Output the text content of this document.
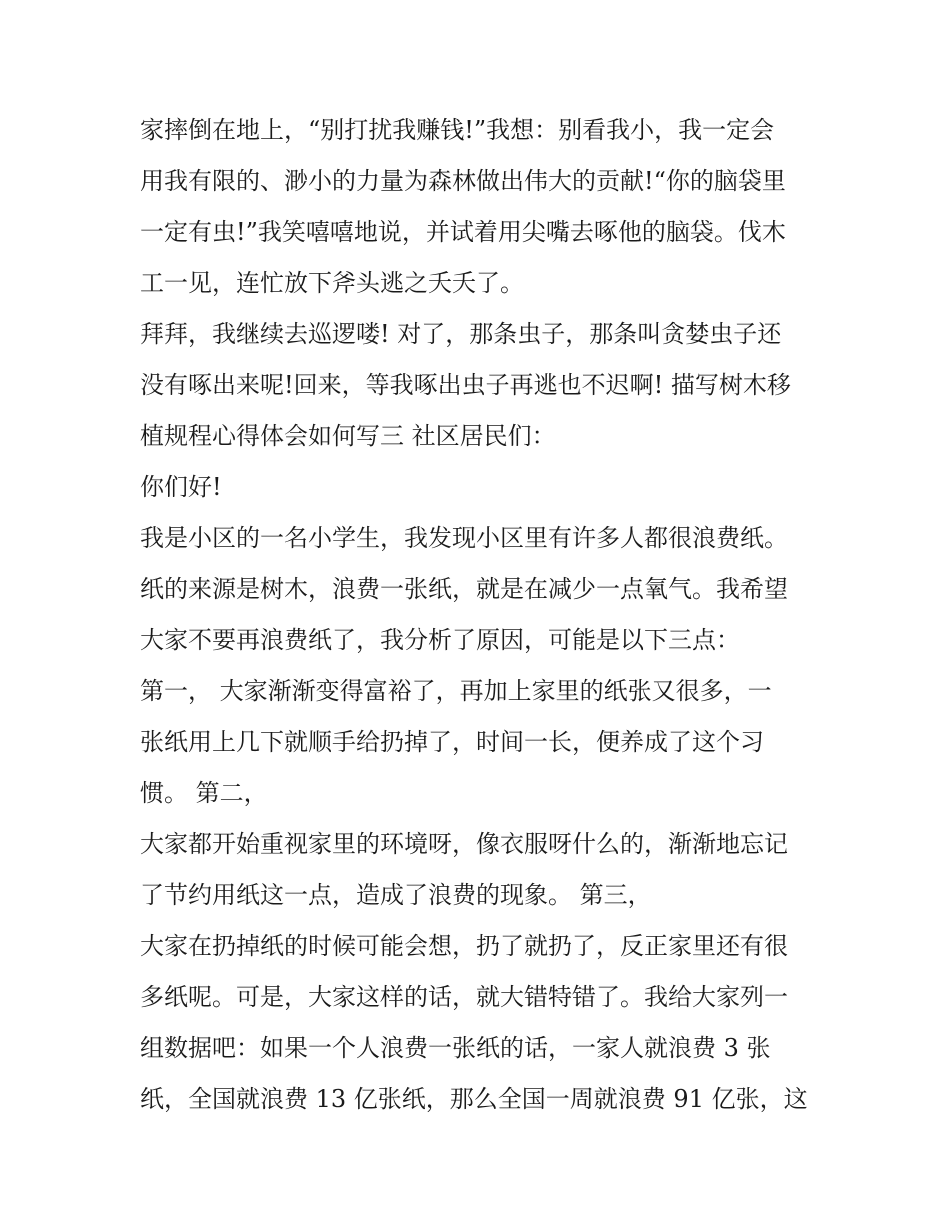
家摔倒在地上，“别打扰我赚钱!”我想：别看我小，我一定会
用我有限的、渺小的力量为森林做出伟大的贡献!“你的脑袋里
一定有虫!”我笑嘻嘻地说，并试着用尖嘴去啄他的脑袋。伐木
工一见，连忙放下斧头逃之夭夭了。
拜拜，我继续去巡逻喽! 对了，那条虫子，那条叫贪婪虫子还
没有啄出来呢!回来，等我啄出虫子再逃也不迟啊! 描写树木移
植规程心得体会如何写三 社区居民们：
你们好!
我是小区的一名小学生，我发现小区里有许多人都很浪费纸。
纸的来源是树木，浪费一张纸，就是在减少一点氧气。我希望
大家不要再浪费纸了，我分析了原因，可能是以下三点：
第一， 大家渐渐变得富裕了，再加上家里的纸张又很多，一
张纸用上几下就顺手给扔掉了，时间一长，便养成了这个习
惯。 第二，
大家都开始重视家里的环境呀，像衣服呀什么的，渐渐地忘记
了节约用纸这一点，造成了浪费的现象。 第三，
大家在扔掉纸的时候可能会想，扔了就扔了，反正家里还有很
多纸呢。可是，大家这样的话，就大错特错了。我给大家列一
组数据吧：如果一个人浪费一张纸的话，一家人就浪费 3 张
纸，全国就浪费 13 亿张纸，那么全国一周就浪费 91 亿张，这
